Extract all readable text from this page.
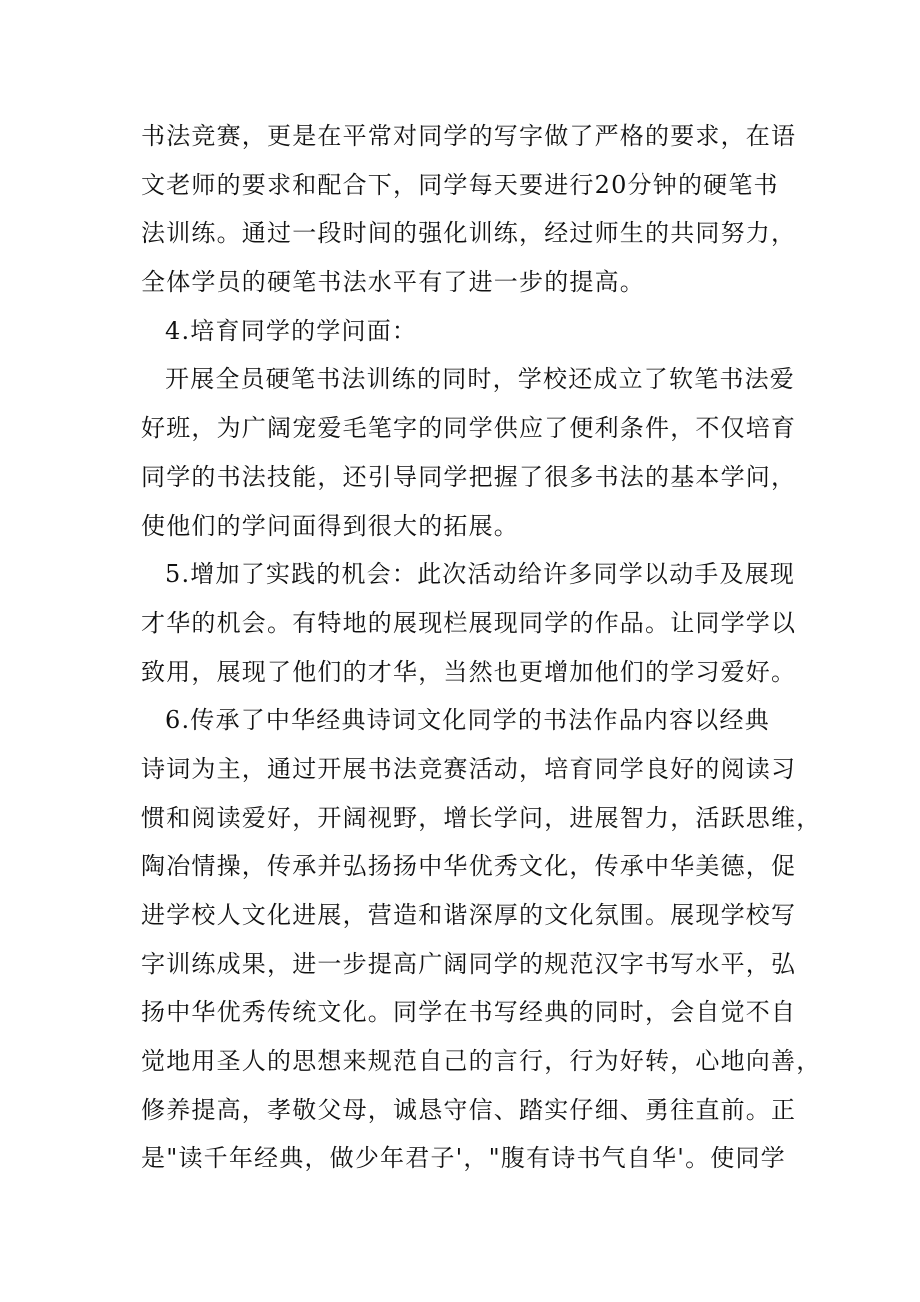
书法竞赛，更是在平常对同学的写字做了严格的要求，在语
文老师的要求和配合下，同学每天要进行20分钟的硬笔书
法训练。通过一段时间的强化训练，经过师生的共同努力，
全体学员的硬笔书法水平有了进一步的提高。
4.培育同学的学问面：
开展全员硬笔书法训练的同时，学校还成立了软笔书法爱
好班，为广阔宠爱毛笔字的同学供应了便利条件，不仅培育
同学的书法技能，还引导同学把握了很多书法的基本学问，
使他们的学问面得到很大的拓展。
5.增加了实践的机会：此次活动给许多同学以动手及展现
才华的机会。有特地的展现栏展现同学的作品。让同学学以
致用，展现了他们的才华，当然也更增加他们的学习爱好。
6.传承了中华经典诗词文化同学的书法作品内容以经典
诗词为主，通过开展书法竞赛活动，培育同学良好的阅读习
惯和阅读爱好，开阔视野，增长学问，进展智力，活跃思维，
陶冶情操，传承并弘扬扬中华优秀文化，传承中华美德，促
进学校人文化进展，营造和谐深厚的文化氛围。展现学校写
字训练成果，进一步提高广阔同学的规范汉字书写水平，弘
扬中华优秀传统文化。同学在书写经典的同时，会自觉不自
觉地用圣人的思想来规范自己的言行，行为好转，心地向善，
修养提高，孝敬父母，诚恳守信、踏实仔细、勇往直前。正
是"读千年经典，做少年君子'，"腹有诗书气自华'。使同学
